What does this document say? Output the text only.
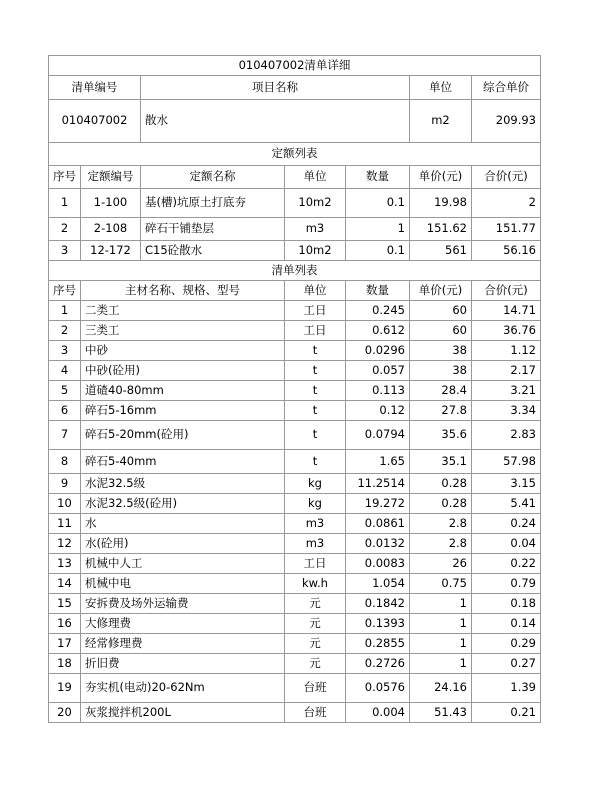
010407002清单详细						
清单编号		项目名称			单位	综合单价
010407002		散水			m2	209.93
定额列表						
序号	定额编号	定额名称	单位	数量	单价(元)	合价(元)
1	1-100	基(槽)坑原土打底夯	10m2	0.1	19.98	2
2	2-108	碎石干铺垫层	m3	1	151.62	151.77
3	12-172	C15砼散水	10m2	0.1	561	56.16
清单列表						
序号	主材名称、规格、型号		单位	数量	单价(元)	合价(元)
1	二类工		工日	0.245	60	14.71
2	三类工		工日	0.612	60	36.76
3	中砂		t	0.0296	38	1.12
4	中砂(砼用)		t	0.057	38	2.17
5	道碴40-80mm		t	0.113	28.4	3.21
6	碎石5-16mm		t	0.12	27.8	3.34
7	碎石5-20mm(砼用)		t	0.0794	35.6	2.83
8	碎石5-40mm		t	1.65	35.1	57.98
9	水泥32.5级		kg	11.2514	0.28	3.15
10	水泥32.5级(砼用)		kg	19.272	0.28	5.41
11	水		m3	0.0861	2.8	0.24
12	水(砼用)		m3	0.0132	2.8	0.04
13	机械中人工		工日	0.0083	26	0.22
14	机械中电		kw.h	1.054	0.75	0.79
15	安拆费及场外运输费		元	0.1842	1	0.18
16	大修理费		元	0.1393	1	0.14
17	经常修理费		元	0.2855	1	0.29
18	折旧费		元	0.2726	1	0.27
19	夯实机(电动)20-62Nm		台班	0.0576	24.16	1.39
20	灰浆搅拌机200L		台班	0.004	51.43	0.21
